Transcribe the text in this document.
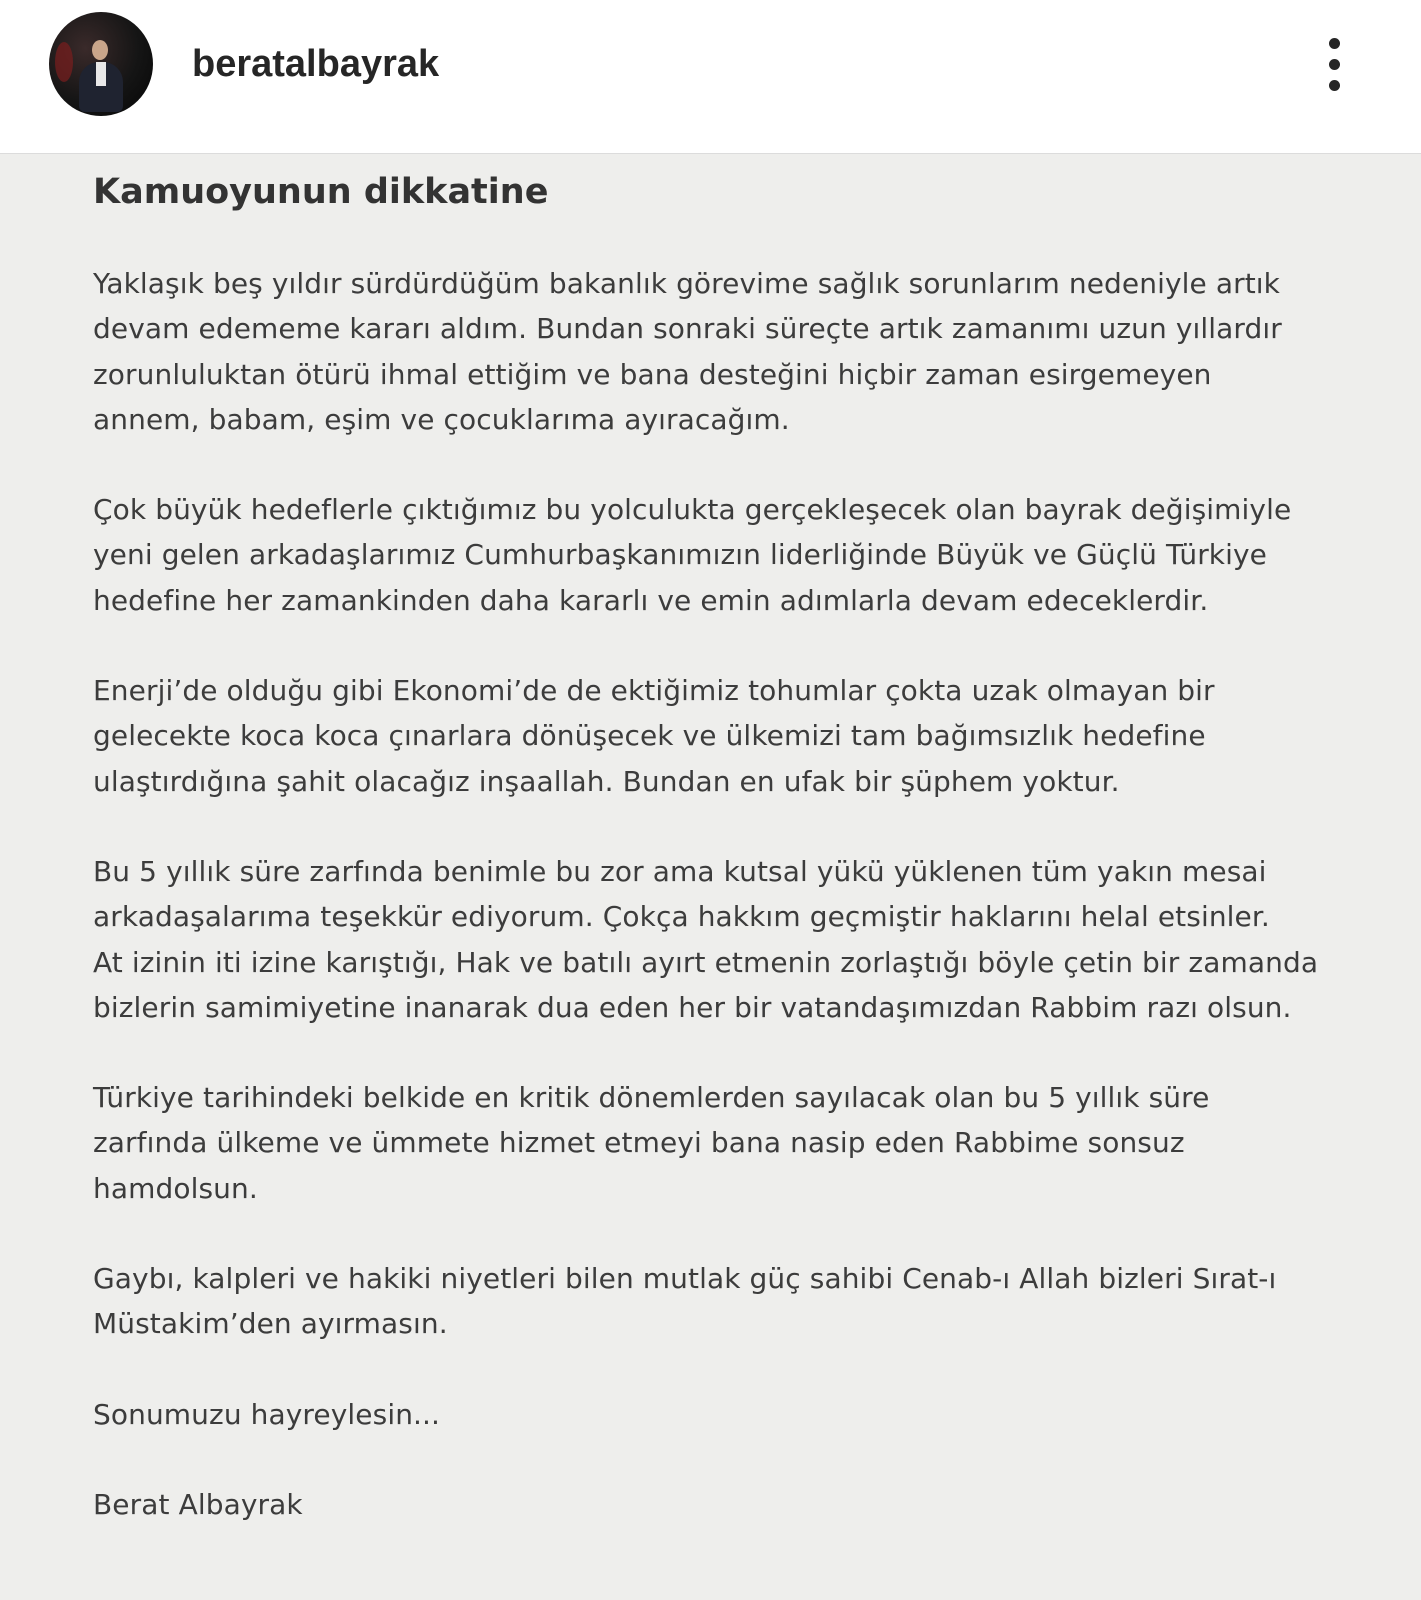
beratalbayrak
Kamuoyunun dikkatine
Yaklaşık beş yıldır sürdürdüğüm bakanlık görevime sağlık sorunlarım nedeniyle artık
devam edememe kararı aldım. Bundan sonraki süreçte artık zamanımı uzun yıllardır
zorunluluktan ötürü ihmal ettiğim ve bana desteğini hiçbir zaman esirgemeyen
annem, babam, eşim ve çocuklarıma ayıracağım.
Çok büyük hedeflerle çıktığımız bu yolculukta gerçekleşecek olan bayrak değişimiyle
yeni gelen arkadaşlarımız Cumhurbaşkanımızın liderliğinde Büyük ve Güçlü Türkiye
hedefine her zamankinden daha kararlı ve emin adımlarla devam edeceklerdir.
Enerji’de olduğu gibi Ekonomi’de de ektiğimiz tohumlar çokta uzak olmayan bir
gelecekte koca koca çınarlara dönüşecek ve ülkemizi tam bağımsızlık hedefine
ulaştırdığına şahit olacağız inşaallah. Bundan en ufak bir şüphem yoktur.
Bu 5 yıllık süre zarfında benimle bu zor ama kutsal yükü yüklenen tüm yakın mesai
arkadaşalarıma teşekkür ediyorum. Çokça hakkım geçmiştir haklarını helal etsinler.
At izinin iti izine karıştığı, Hak ve batılı ayırt etmenin zorlaştığı böyle çetin bir zamanda
bizlerin samimiyetine inanarak dua eden her bir vatandaşımızdan Rabbim razı olsun.
Türkiye tarihindeki belkide en kritik dönemlerden sayılacak olan bu 5 yıllık süre
zarfında ülkeme ve ümmete hizmet etmeyi bana nasip eden Rabbime sonsuz
hamdolsun.
Gaybı, kalpleri ve hakiki niyetleri bilen mutlak güç sahibi Cenab-ı Allah bizleri Sırat-ı
Müstakim’den ayırmasın.
Sonumuzu hayreylesin...
Berat Albayrak
